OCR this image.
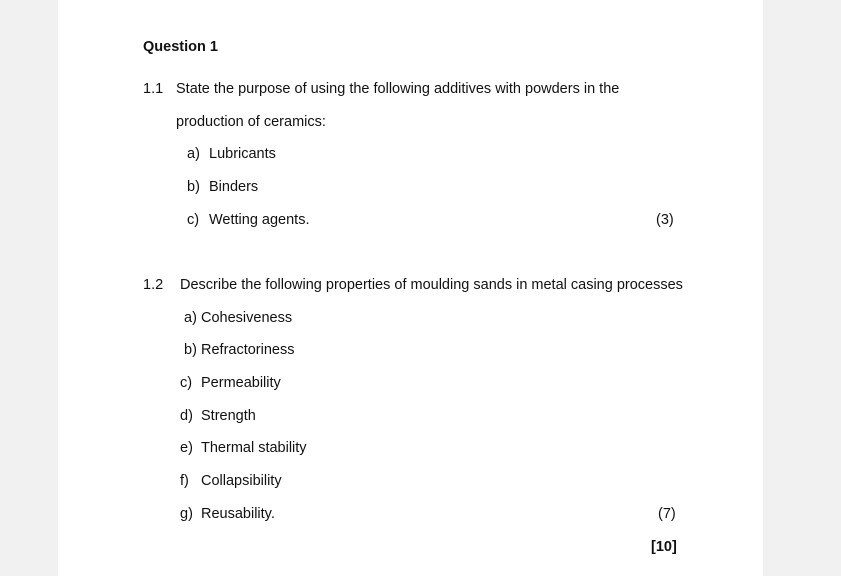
Question 1
1.1 State the purpose of using the following additives with powders in the
production of ceramics:
a) Lubricants
b) Binders
c) Wetting agents.	(3)
1.2 Describe the following properties of moulding sands in metal casing processes
a) Cohesiveness
b) Refractoriness
c) Permeability
d) Strength
e) Thermal stability
f) Collapsibility
g) Reusability.	(7)
[10]
